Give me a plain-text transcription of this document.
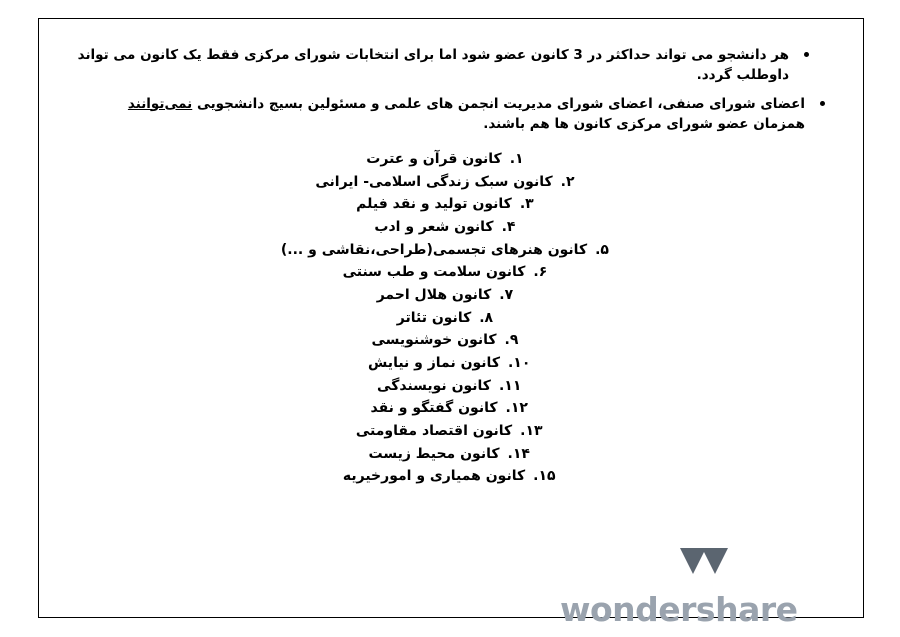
هر دانشجو می تواند حداکثر در 3 کانون عضو شود اما برای انتخابات شورای مرکزی فقط یک کانون می تواند داوطلب گردد.
اعضای شورای صنفی، اعضای شورای مدیریت انجمن های علمی و مسئولین بسیج دانشجویی نمی‌توانند همزمان عضو شورای مرکزی کانون ها هم باشند.
۱.کانون قرآن و عترت
۲.کانون سبک زندگی اسلامی- ایرانی
۳.کانون تولید و نقد فیلم
۴.کانون شعر و ادب
۵.کانون هنرهای تجسمی(طراحی،نقاشی و ...)
۶.کانون سلامت و طب سنتی
۷.کانون هلال احمر
۸.کانون تئاتر
۹.کانون خوشنویسی
۱۰.کانون نماز و نیایش
۱۱.کانون نویسندگی
۱۲.کانون گفتگو و نقد
۱۳.کانون اقتصاد مقاومتی
۱۴.کانون محیط زیست
۱۵.کانون همیاری و امورخیریه
wondershare
